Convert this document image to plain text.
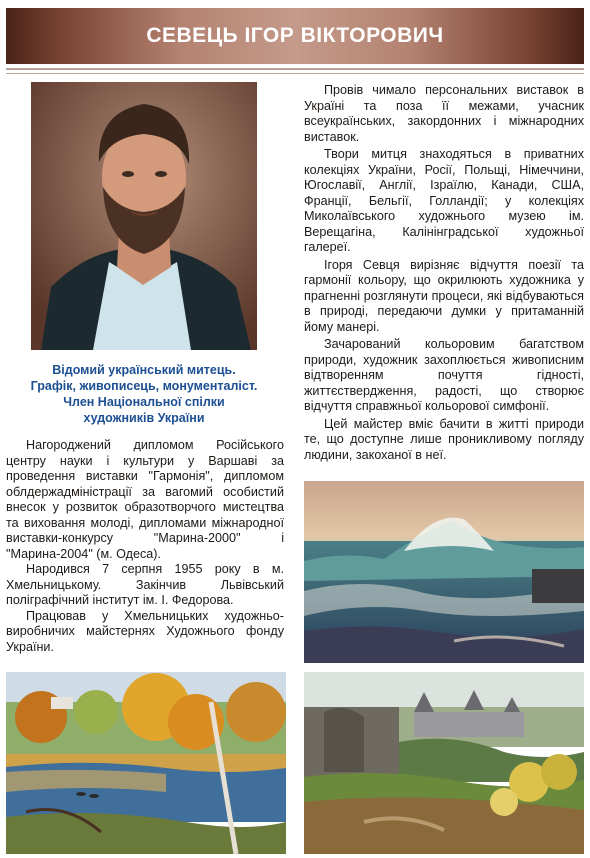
СЕВЕЦЬ ІГОР ВІКТОРОВИЧ
Відомий український митець.
Графік, живописець, монументаліст.
Член Національної спілки
художників України

Нагороджений дипломом Російського центру науки і культури у Варшаві за проведення виставки "Гармонія", дипломом облдержадміністрації за вагомий особистий внесок у розвиток образотворчого мистецтва та виховання молоді, дипломами міжнародної виставки-конкурсу "Марина-2000" і "Марина-2004" (м. Одеса).

Народився 7 серпня 1955 року в м. Хмельницькому. Закінчив Львівський поліграфічний інститут ім. І. Федорова.

Працював у Хмельницьких художньо-виробничих майстернях Художнього фонду України.

Провів чимало персональних виставок в Україні та поза її межами, учасник всеукраїнських, закордонних і міжнародних виставок.

Твори митця знаходяться в приватних колекціях України, Росії, Польщі, Німеччини, Югославії, Англії, Ізраїлю, Канади, США, Франції, Бельгії, Голландії; у колекціях Миколаївського художнього музею ім. Верещагіна, Калінінградської художньої галереї.

Ігоря Севця вирізняє відчуття поезії та гармонії кольору, що окрилюють художника у прагненні розглянути процеси, які відбуваються в природі, передаючи думки у притаманній йому манері.

Зачарований кольоровим багатством природи, художник захоплюється живописним відтворенням почуття гідності, життєствердження, радості, що створює відчуття справжньої кольорової симфонії.

Цей майстер вміє бачити в житті природи те, що доступне лише проникливому погляду людини, закоханої в неї.
